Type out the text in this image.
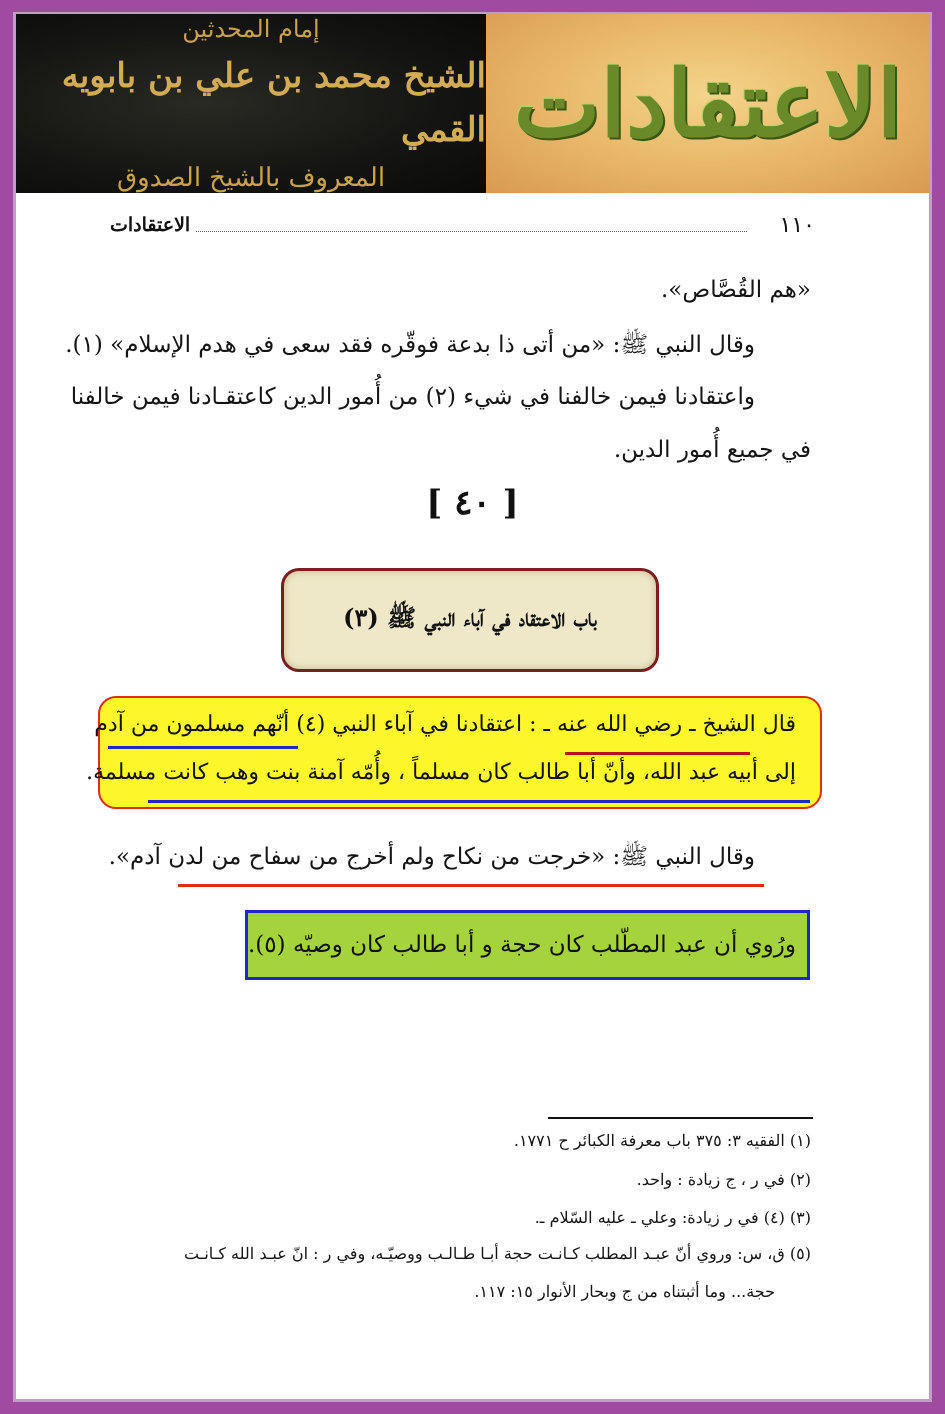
إمام المحدثين
الشيخ محمد بن علي بن بابويه القمي
المعروف بالشيخ الصدوق
الاعتقادات
١١٠
الاعتقادات
«هم القُصَّاص».
وقال النبي ﷺ: «من أتى ذا بدعة فوقّره فقد سعى في هدم الإسلام» (١).
واعتقادنا فيمن خالفنا في شيء (٢) من أُمور الدين كاعتقـادنا فيمن خالفنا
في جميع أُمور الدين.
[ ٤٠ ]
باب الاعتقاد في آباء النبي ﷺ (٣)
قال الشيخ ـ رضي الله عنه ـ : اعتقادنا في آباء النبي (٤) أنّهم مسلمون من آدم
إلى أبيه عبد الله، وأنّ أبا طالب كان مسلماً ، وأُمّه آمنة بنت وهب كانت مسلمة.
وقال النبي ﷺ: «خرجت من نكاح ولم أخرج من سفاح من لدن آدم».
ورُوي أن عبد المطّلب كان حجة و أبا طالب كان وصيّه (٥).
(١) الفقيه ٣: ٣٧٥ باب معرفة الكبائر ح ١٧٧١.
(٢) في ر ، ج زيادة : واحد.
(٣) (٤) في ر زيادة: وعلي ـ عليه السّلام ـ.
(٥) ق، س: وروي أنّ عبـد المطلب كـانـت حجة أبـا طـالـب ووصيّـه، وفي ر : انّ عبـد الله كـانـت
حجة... وما أثبتناه من ج وبحار الأنوار ١٥: ١١٧.
